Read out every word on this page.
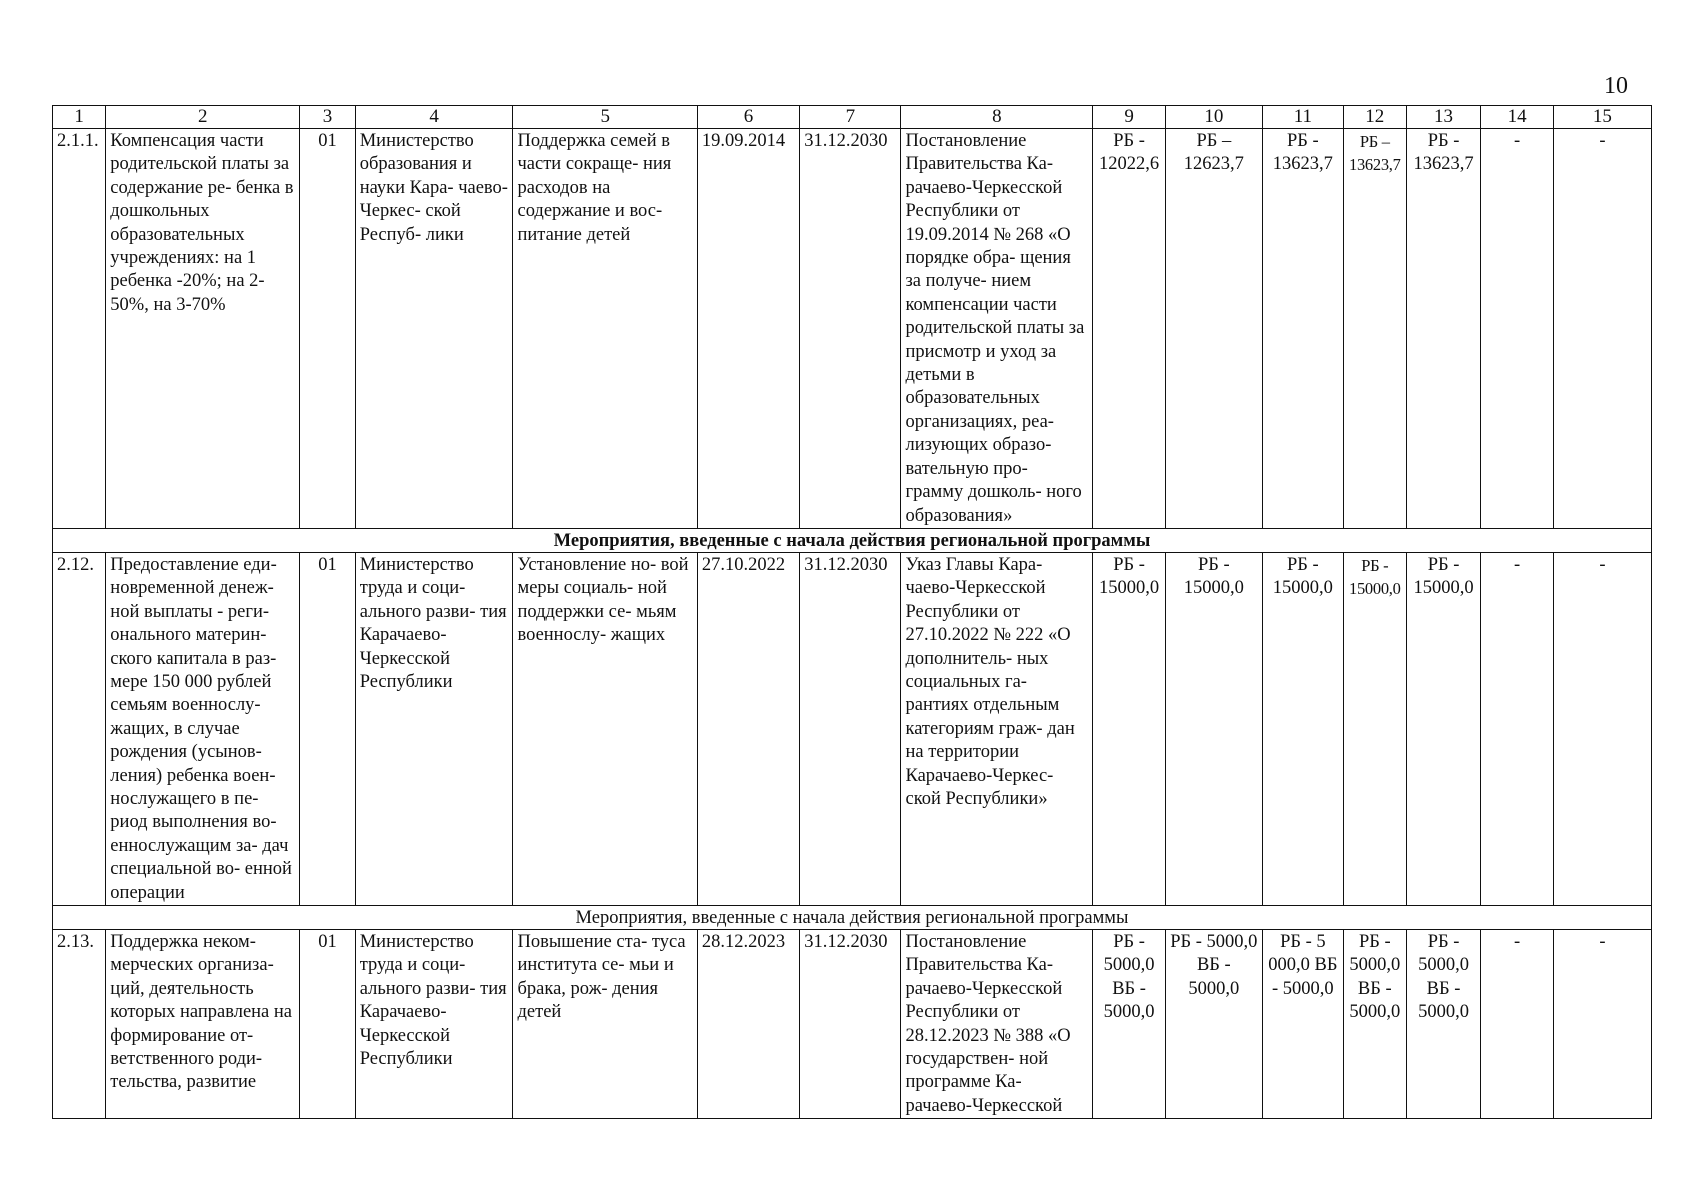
10
1	2	3	4	5	6	7	8	9	10	11	12	13	14	15
2.1.1.	Компенсация части родительской платы за содержание ре- бенка в дошкольных образовательных учреждениях: на 1 ребенка -20%; на 2- 50%, на 3-70%	01	Министерство образования и науки Кара- чаево-Черкес- ской Респуб- лики	Поддержка семей в части сокраще- ния расходов на содержание и вос- питание детей	19.09.2014	31.12.2030	Постановление Правительства Ка- рачаево-Черкесской Республики от 19.09.2014 № 268 «О порядке обра- щения за получе- нием компенсации части родительской платы за присмотр и уход за детьми в образовательных организациях, реа- лизующих образо- вательную про- грамму дошколь- ного образования»	РБ - 12022,6	РБ – 12623,7	РБ - 13623,7	РБ – 13623,7	РБ - 13623,7	-	-
Мероприятия, введенные с начала действия региональной программы														
2.12.	Предоставление еди- новременной денеж- ной выплаты - реги- онального материн- ского капитала в раз- мере 150 000 рублей семьям военнослу- жащих, в случае рождения (усынов- ления) ребенка воен- нослужащего в пе- риод выполнения во- еннослужащим за- дач специальной во- енной операции	01	Министерство труда и соци- ального разви- тия Карачаево- Черкесской Республики	Установление но- вой меры социаль- ной поддержки се- мьям военнослу- жащих	27.10.2022	31.12.2030	Указ Главы Кара- чаево-Черкесской Республики от 27.10.2022 № 222 «О дополнитель- ных социальных га- рантиях отдельным категориям граж- дан на территории Карачаево-Черкес- ской Республики»	РБ - 15000,0	РБ - 15000,0	РБ - 15000,0	РБ - 15000,0	РБ - 15000,0	-	-
Мероприятия, введенные с начала действия региональной программы														
2.13.	Поддержка неком- мерческих организа- ций, деятельность которых направлена на формирование от- ветственного роди- тельства, развитие	01	Министерство труда и соци- ального разви- тия Карачаево- Черкесской Республики	Повышение ста- туса института се- мьи и брака, рож- дения детей	28.12.2023	31.12.2030	Постановление Правительства Ка- рачаево-Черкесской Республики от 28.12.2023 № 388 «О государствен- ной программе Ка- рачаево-Черкесской	РБ - 5000,0 ВБ - 5000,0	РБ - 5000,0 ВБ - 5000,0	РБ - 5 000,0 ВБ - 5000,0	РБ - 5000,0 ВБ - 5000,0	РБ - 5000,0 ВБ - 5000,0	-	-
